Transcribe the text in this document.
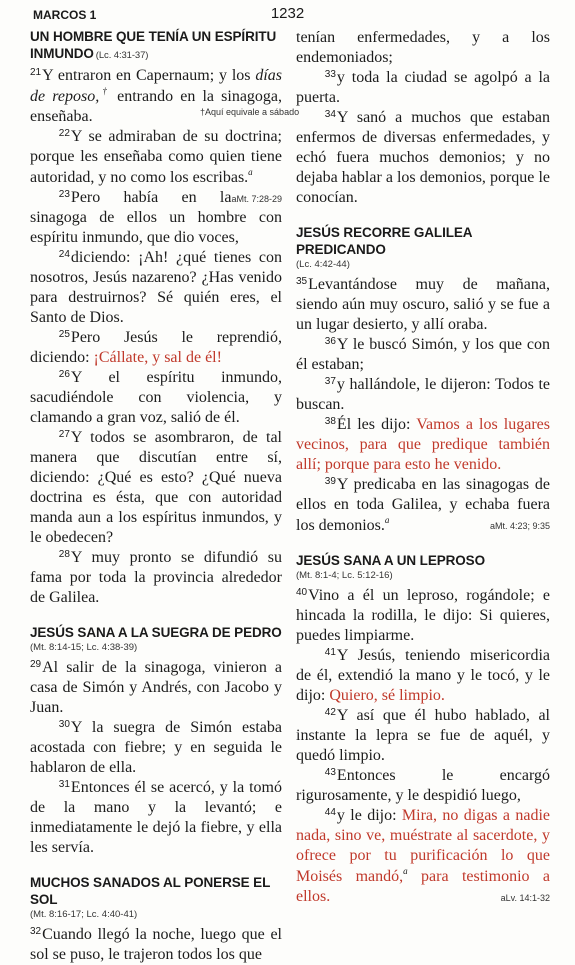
MARCOS 1	1232
UN HOMBRE QUE TENÍA UN ESPÍRITU INMUNDO (Lc. 4:31-37)

$^{21}$Y entraron en Capernaum; y los días de reposo,† entrando en la sinagoga, enseñaba.	†Aquí equivale a sábado

$^{22}$Y se admiraban de su doctrina; porque les enseñaba como quien tiene autoridad, y no como los escribas.$^a$
aMt. 7:28-29

$^{23}$Pero había en la sinagoga de ellos un hombre con espíritu inmundo, que dio voces,

$^{24}$diciendo: ¡Ah! ¿qué tienes con nosotros, Jesús nazareno? ¿Has venido para destruirnos? Sé quién eres, el Santo de Dios.

$^{25}$Pero Jesús le reprendió, diciendo: ¡Cállate, y sal de él!

$^{26}$Y el espíritu inmundo, sacudiéndole con violencia, y clamando a gran voz, salió de él.

$^{27}$Y todos se asombraron, de tal manera que discutían entre sí, diciendo: ¿Qué es esto? ¿Qué nueva doctrina es ésta, que con autoridad manda aun a los espíritus inmundos, y le obedecen?

$^{28}$Y muy pronto se difundió su fama por toda la provincia alrededor de Galilea.

JESÚS SANA A LA SUEGRA DE PEDRO
(Mt. 8:14-15; Lc. 4:38-39)

$^{29}$Al salir de la sinagoga, vinieron a casa de Simón y Andrés, con Jacobo y Juan.

$^{30}$Y la suegra de Simón estaba acostada con fiebre; y en seguida le hablaron de ella.

$^{31}$Entonces él se acercó, y la tomó de la mano y la levantó; e inmediatamente le dejó la fiebre, y ella les servía.

MUCHOS SANADOS AL PONERSE EL SOL
(Mt. 8:16-17; Lc. 4:40-41)

$^{32}$Cuando llegó la noche, luego que el sol se puso, le trajeron todos los que

tenían enfermedades, y a los endemoniados;

$^{33}$y toda la ciudad se agolpó a la puerta.

$^{34}$Y sanó a muchos que estaban enfermos de diversas enfermedades, y echó fuera muchos demonios; y no dejaba hablar a los demonios, porque le conocían.

JESÚS RECORRE GALILEA PREDICANDO
(Lc. 4:42-44)

$^{35}$Levantándose muy de mañana, siendo aún muy oscuro, salió y se fue a un lugar desierto, y allí oraba.

$^{36}$Y le buscó Simón, y los que con él estaban;

$^{37}$y hallándole, le dijeron: Todos te buscan.

$^{38}$Él les dijo: Vamos a los lugares vecinos, para que predique también allí; porque para esto he venido.

$^{39}$Y predicaba en las sinagogas de ellos en toda Galilea, y echaba fuera los demonios.$^a$
aMt. 4:23; 9:35

JESÚS SANA A UN LEPROSO
(Mt. 8:1-4; Lc. 5:12-16)

$^{40}$Vino a él un leproso, rogándole; e hincada la rodilla, le dijo: Si quieres, puedes limpiarme.

$^{41}$Y Jesús, teniendo misericordia de él, extendió la mano y le tocó, y le dijo: Quiero, sé limpio.

$^{42}$Y así que él hubo hablado, al instante la lepra se fue de aquél, y quedó limpio.

$^{43}$Entonces le encargó rigurosamente, y le despidió luego,

$^{44}$y le dijo: Mira, no digas a nadie nada, sino ve, muéstrate al sacerdote, y ofrece por tu purificación lo que Moisés mandó,$^a$ para testimonio a ellos.	aLv. 14:1-32
